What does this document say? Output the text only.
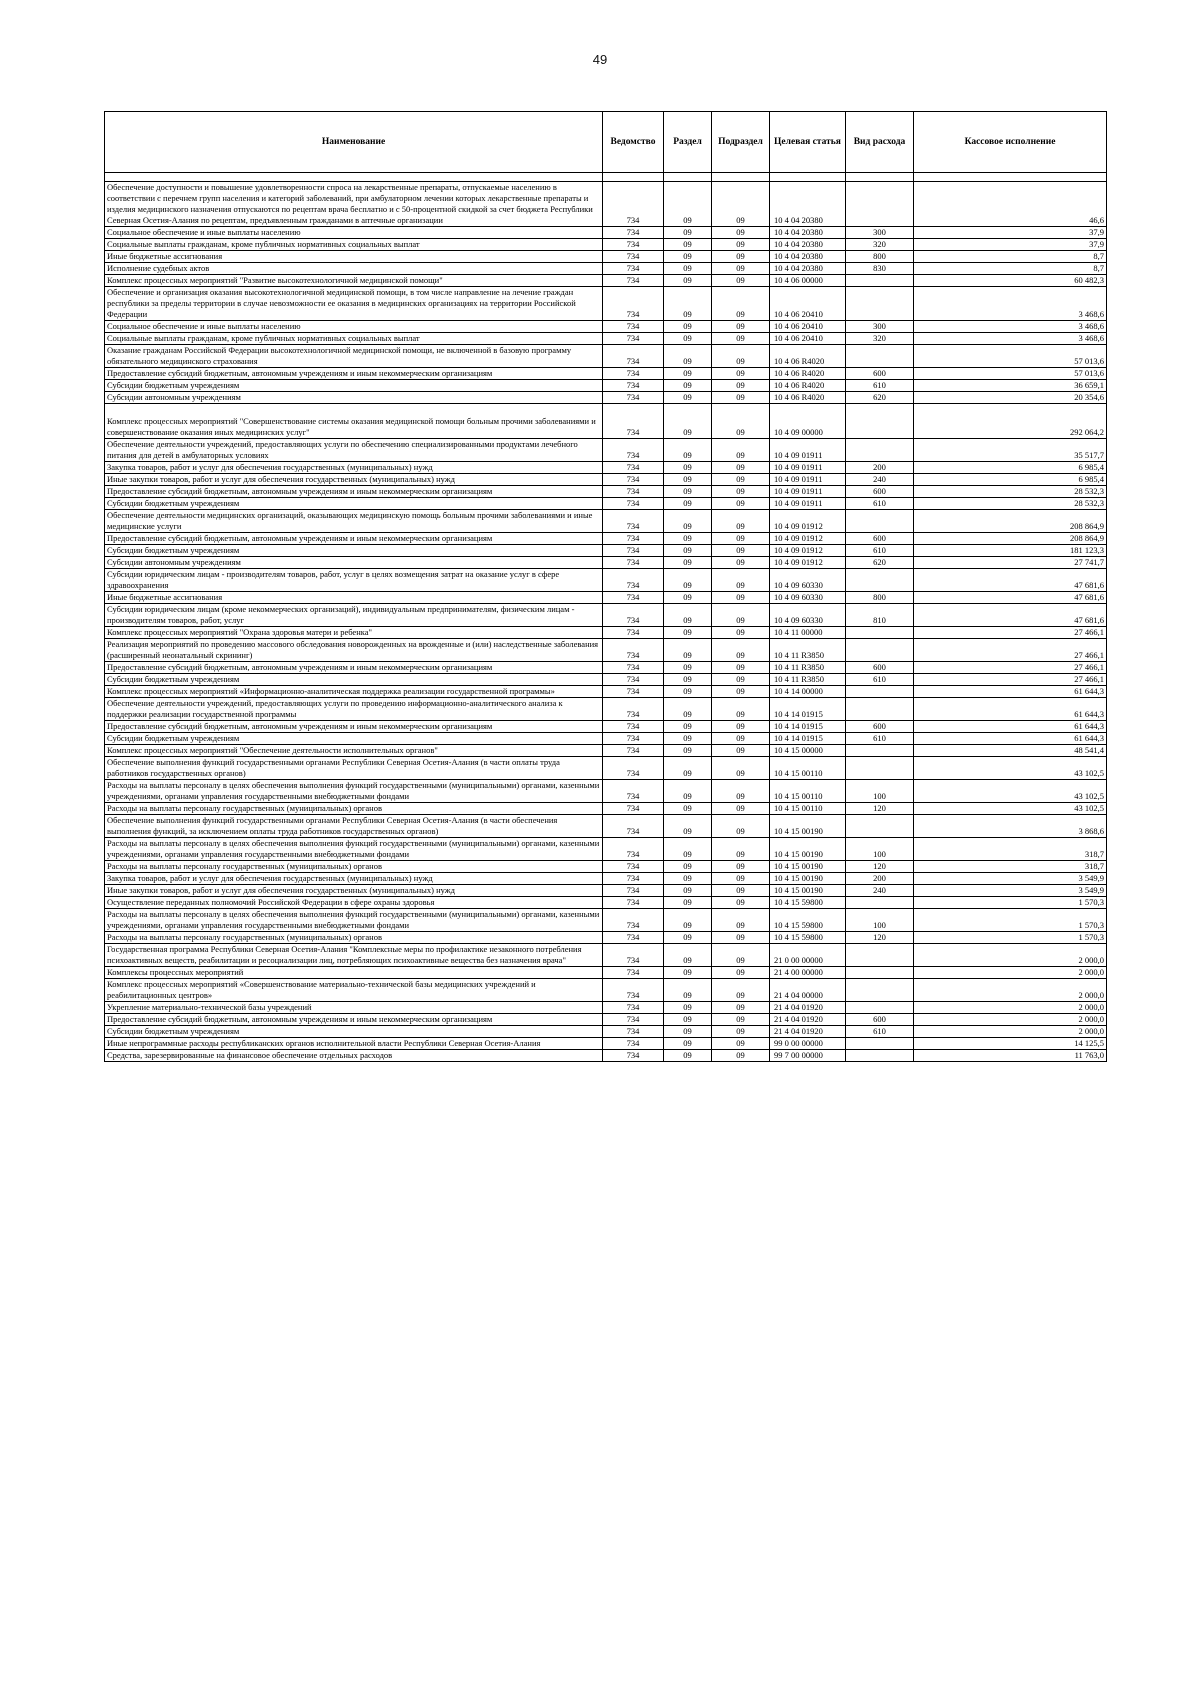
49
Наименование	Ведомство	Раздел	Подраздел	Целевая статья	Вид расхода	Кассовое исполнение

Обеспечение доступности и повышение удовлетворенности спроса на лекарственные препараты, отпускаемые населению в соответствии с перечнем групп населения и категорий заболеваний, при амбулаторном лечении которых лекарственные препараты и изделия медицинского назначения отпускаются по рецептам врача бесплатно и с 50-процентной скидкой за счет бюджета Республики Северная Осетия-Алания по рецептам, предъявленным гражданами в аптечные организации	734	09	09	10 4 04 20380		46,6
Социальное обеспечение и иные выплаты населению	734	09	09	10 4 04 20380	300	37,9
Социальные выплаты гражданам, кроме публичных нормативных социальных выплат	734	09	09	10 4 04 20380	320	37,9
Иные бюджетные ассигнования	734	09	09	10 4 04 20380	800	8,7
Исполнение судебных актов	734	09	09	10 4 04 20380	830	8,7
Комплекс процессных мероприятий "Развитие высокотехнологичной медицинской помощи"	734	09	09	10 4 06 00000		60 482,3
Обеспечение и организация оказания высокотехнологичной медицинской помощи, в том числе направление на лечение граждан республики за пределы территории в случае невозможности ее оказания в медицинских организациях на территории Российской Федерации	734	09	09	10 4 06 20410		3 468,6
Социальное обеспечение и иные выплаты населению	734	09	09	10 4 06 20410	300	3 468,6
Социальные выплаты гражданам, кроме публичных нормативных социальных выплат	734	09	09	10 4 06 20410	320	3 468,6
Оказание гражданам Российской Федерации высокотехнологичной медицинской помощи, не включенной в базовую программу обязательного медицинского страхования	734	09	09	10 4 06 R4020		57 013,6
Предоставление субсидий бюджетным, автономным учреждениям и иным некоммерческим организациям	734	09	09	10 4 06 R4020	600	57 013,6
Субсидии бюджетным учреждениям	734	09	09	10 4 06 R4020	610	36 659,1
Субсидии автономным учреждениям	734	09	09	10 4 06 R4020	620	20 354,6
Комплекс процессных мероприятий "Совершенствование системы оказания медицинской помощи больным прочими заболеваниями и совершенствование оказания иных медицинских услуг"	734	09	09	10 4 09 00000		292 064,2
Обеспечение деятельности учреждений, предоставляющих услуги по обеспечению специализированными продуктами лечебного питания для детей в амбулаторных условиях	734	09	09	10 4 09 01911		35 517,7
Закупка товаров, работ и услуг для обеспечения государственных (муниципальных) нужд	734	09	09	10 4 09 01911	200	6 985,4
Иные закупки товаров, работ и услуг для обеспечения государственных (муниципальных) нужд	734	09	09	10 4 09 01911	240	6 985,4
Предоставление субсидий бюджетным, автономным учреждениям и иным некоммерческим организациям	734	09	09	10 4 09 01911	600	28 532,3
Субсидии бюджетным учреждениям	734	09	09	10 4 09 01911	610	28 532,3
Обеспечение деятельности медицинских организаций, оказывающих медицинскую помощь больным прочими заболеваниями и иные медицинские услуги	734	09	09	10 4 09 01912		208 864,9
Предоставление субсидий бюджетным, автономным учреждениям и иным некоммерческим организациям	734	09	09	10 4 09 01912	600	208 864,9
Субсидии бюджетным учреждениям	734	09	09	10 4 09 01912	610	181 123,3
Субсидии автономным учреждениям	734	09	09	10 4 09 01912	620	27 741,7
Субсидии юридическим лицам - производителям товаров, работ, услуг в целях возмещения затрат на оказание услуг в сфере здравоохранения	734	09	09	10 4 09 60330		47 681,6
Иные бюджетные ассигнования	734	09	09	10 4 09 60330	800	47 681,6
Субсидии юридическим лицам (кроме некоммерческих организаций), индивидуальным предпринимателям, физическим лицам - производителям товаров, работ, услуг	734	09	09	10 4 09 60330	810	47 681,6
Комплекс процессных мероприятий "Охрана здоровья матери и ребенка"	734	09	09	10 4 11 00000		27 466,1
Реализация мероприятий по проведению массового обследования новорожденных на врожденные и (или) наследственные заболевания (расширенный неонатальный скрининг)	734	09	09	10 4 11 R3850		27 466,1
Предоставление субсидий бюджетным, автономным учреждениям и иным некоммерческим организациям	734	09	09	10 4 11 R3850	600	27 466,1
Субсидии бюджетным учреждениям	734	09	09	10 4 11 R3850	610	27 466,1
Комплекс процессных мероприятий «Информационно-аналитическая поддержка реализации государственной программы»	734	09	09	10 4 14 00000		61 644,3
Обеспечение деятельности учреждений, предоставляющих услуги по проведению информационно-аналитического анализа к поддержки реализации государственной программы	734	09	09	10 4 14 01915		61 644,3
Предоставление субсидий бюджетным, автономным учреждениям и иным некоммерческим организациям	734	09	09	10 4 14 01915	600	61 644,3
Субсидии бюджетным учреждениям	734	09	09	10 4 14 01915	610	61 644,3
Комплекс процессных мероприятий "Обеспечение деятельности исполнительных органов"	734	09	09	10 4 15 00000		48 541,4
Обеспечение выполнения функций государственными органами Республики Северная Осетия-Алания (в части оплаты труда работников государственных органов)	734	09	09	10 4 15 00110		43 102,5
Расходы на выплаты персоналу в целях обеспечения выполнения функций государственными (муниципальными) органами, казенными учреждениями, органами управления государственными внебюджетными фондами	734	09	09	10 4 15 00110	100	43 102,5
Расходы на выплаты персоналу государственных (муниципальных) органов	734	09	09	10 4 15 00110	120	43 102,5
Обеспечение выполнения функций государственными органами Республики Северная Осетия-Алания (в части обеспечения выполнения функций, за исключением оплаты труда работников государственных органов)	734	09	09	10 4 15 00190		3 868,6
Расходы на выплаты персоналу в целях обеспечения выполнения функций государственными (муниципальными) органами, казенными учреждениями, органами управления государственными внебюджетными фондами	734	09	09	10 4 15 00190	100	318,7
Расходы на выплаты персоналу государственных (муниципальных) органов	734	09	09	10 4 15 00190	120	318,7
Закупка товаров, работ и услуг для обеспечения государственных (муниципальных) нужд	734	09	09	10 4 15 00190	200	3 549,9
Иные закупки товаров, работ и услуг для обеспечения государственных (муниципальных) нужд	734	09	09	10 4 15 00190	240	3 549,9
Осуществление переданных полномочий Российской Федерации в сфере охраны здоровья	734	09	09	10 4 15 59800		1 570,3
Расходы на выплаты персоналу в целях обеспечения выполнения функций государственными (муниципальными) органами, казенными учреждениями, органами управления государственными внебюджетными фондами	734	09	09	10 4 15 59800	100	1 570,3
Расходы на выплаты персоналу государственных (муниципальных) органов	734	09	09	10 4 15 59800	120	1 570,3
Государственная программа Республики Северная Осетия-Алания "Комплексные меры по профилактике незаконного потребления психоактивных веществ, реабилитации и ресоциализации лиц, потребляющих психоактивные вещества без назначения врача"	734	09	09	21 0 00 00000		2 000,0
Комплексы процессных мероприятий	734	09	09	21 4 00 00000		2 000,0
Комплекс процессных мероприятий «Совершенствование материально-технической базы медицинских учреждений и реабилитационных центров»	734	09	09	21 4 04 00000		2 000,0
Укрепление материально-технической базы учреждений	734	09	09	21 4 04 01920		2 000,0
Предоставление субсидий бюджетным, автономным учреждениям и иным некоммерческим организациям	734	09	09	21 4 04 01920	600	2 000,0
Субсидии бюджетным учреждениям	734	09	09	21 4 04 01920	610	2 000,0
Иные непрограммные расходы республиканских органов исполнительной власти Республики Северная Осетия-Алания	734	09	09	99 0 00 00000		14 125,5
Средства, зарезервированные на финансовое обеспечение отдельных расходов	734	09	09	99 7 00 00000		11 763,0
